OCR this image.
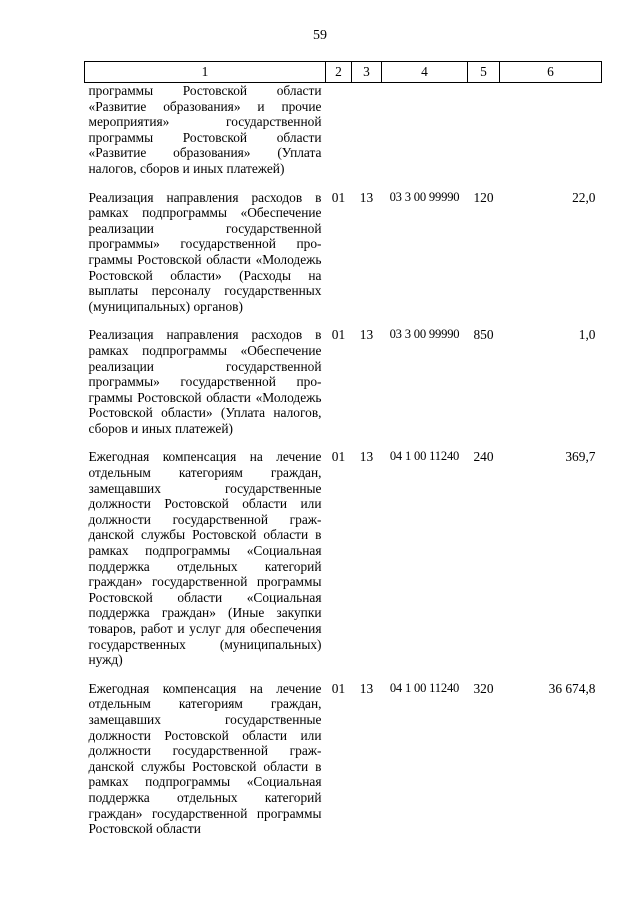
59
1	2	3	4	5	6
программы Ростовской области «Развитие образования» и прочие мероприятия» государственной программы Ростовской области «Развитие образования» (Уплата налогов, сборов и иных платежей)					
Реализация направления расходов в рамках подпрограммы «Обеспечение реализации государственной программы» государственной программы Ростовской области «Молодежь Ростовской области» (Расходы на выплаты персоналу государственных (муниципальных) органов)	01	13	03 3 00 99990	120	22,0
Реализация направления расходов в рамках подпрограммы «Обеспечение реализации государственной программы» государственной программы Ростовской области «Молодежь Ростовской области» (Уплата налогов, сборов и иных платежей)	01	13	03 3 00 99990	850	1,0
Ежегодная компенсация на лечение отдельным категориям граждан, замещавших государственные должности Ростовской области или должности государственной гражданской службы Ростовской области в рамках подпрограммы «Социальная поддержка отдельных категорий граждан» государственной программы Ростовской области «Социальная поддержка граждан» (Иные закупки товаров, работ и услуг для обеспечения государственных (муниципальных) нужд)	01	13	04 1 00 11240	240	369,7
Ежегодная компенсация на лечение отдельным категориям граждан, замещавших государственные должности Ростовской области или должности государственной гражданской службы Ростовской области в рамках подпрограммы «Социальная поддержка отдельных категорий граждан» государственной программы Ростовской области	01	13	04 1 00 11240	320	36 674,8
